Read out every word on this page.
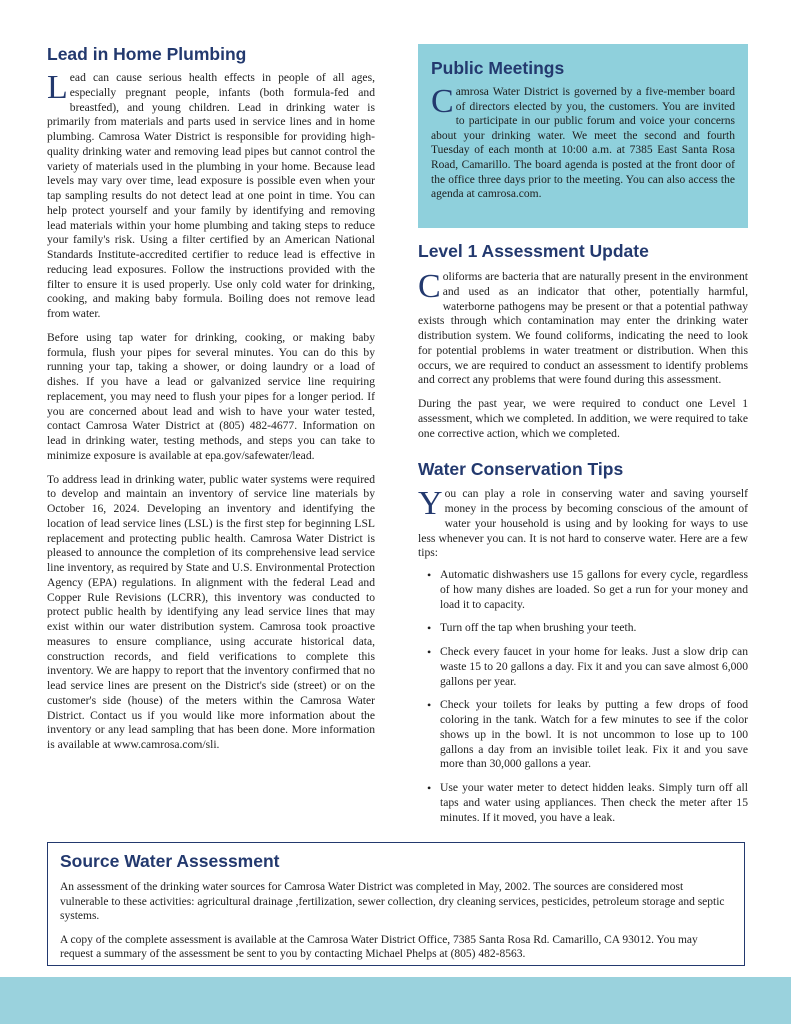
Lead in Home Plumbing

Lead can cause serious health effects in people of all ages, especially pregnant people, infants (both formula-fed and breastfed), and young children. Lead in drinking water is primarily from materials and parts used in service lines and in home plumbing. Camrosa Water District is responsible for providing high-quality drinking water and removing lead pipes but cannot control the variety of materials used in the plumbing in your home. Because lead levels may vary over time, lead exposure is possible even when your tap sampling results do not detect lead at one point in time. You can help protect yourself and your family by identifying and removing lead materials within your home plumbing and taking steps to reduce your family's risk. Using a filter certified by an American National Standards Institute-accredited certifier to reduce lead is effective in reducing lead exposures. Follow the instructions provided with the filter to ensure it is used properly. Use only cold water for drinking, cooking, and making baby formula. Boiling does not remove lead from water.

Before using tap water for drinking, cooking, or making baby formula, flush your pipes for several minutes. You can do this by running your tap, taking a shower, or doing laundry or a load of dishes. If you have a lead or galvanized service line requiring replacement, you may need to flush your pipes for a longer period. If you are concerned about lead and wish to have your water tested, contact Camrosa Water District at (805) 482-4677. Information on lead in drinking water, testing methods, and steps you can take to minimize exposure is available at epa.gov/safewater/lead.

To address lead in drinking water, public water systems were required to develop and maintain an inventory of service line materials by October 16, 2024. Developing an inventory and identifying the location of lead service lines (LSL) is the first step for beginning LSL replacement and protecting public health. Camrosa Water District is pleased to announce the completion of its comprehensive lead service line inventory, as required by State and U.S. Environmental Protection Agency (EPA) regulations. In alignment with the federal Lead and Copper Rule Revisions (LCRR), this inventory was conducted to protect public health by identifying any lead service lines that may exist within our water distribution system. Camrosa took proactive measures to ensure compliance, using accurate historical data, construction records, and field verifications to complete this inventory. We are happy to report that the inventory confirmed that no lead service lines are present on the District's side (street) or on the customer's side (house) of the meters within the Camrosa Water District. Contact us if you would like more information about the inventory or any lead sampling that has been done. More information is available at www.camrosa.com/sli.

Public Meetings

Camrosa Water District is governed by a five-member board of directors elected by you, the customers. You are invited to participate in our public forum and voice your concerns about your drinking water. We meet the second and fourth Tuesday of each month at 10:00 a.m. at 7385 East Santa Rosa Road, Camarillo. The board agenda is posted at the front door of the office three days prior to the meeting. You can also access the agenda at camrosa.com.

Level 1 Assessment Update

Coliforms are bacteria that are naturally present in the environment and used as an indicator that other, potentially harmful, waterborne pathogens may be present or that a potential pathway exists through which contamination may enter the drinking water distribution system. We found coliforms, indicating the need to look for potential problems in water treatment or distribution. When this occurs, we are required to conduct an assessment to identify problems and correct any problems that were found during this assessment.

During the past year, we were required to conduct one Level 1 assessment, which we completed. In addition, we were required to take one corrective action, which we completed.

Water Conservation Tips

You can play a role in conserving water and saving yourself money in the process by becoming conscious of the amount of water your household is using and by looking for ways to use less whenever you can. It is not hard to conserve water. Here are a few tips:

• Automatic dishwashers use 15 gallons for every cycle, regardless of how many dishes are loaded. So get a run for your money and load it to capacity.
• Turn off the tap when brushing your teeth.
• Check every faucet in your home for leaks. Just a slow drip can waste 15 to 20 gallons a day. Fix it and you can save almost 6,000 gallons per year.
• Check your toilets for leaks by putting a few drops of food coloring in the tank. Watch for a few minutes to see if the color shows up in the bowl. It is not uncommon to lose up to 100 gallons a day from an invisible toilet leak. Fix it and you save more than 30,000 gallons a year.
• Use your water meter to detect hidden leaks. Simply turn off all taps and water using appliances. Then check the meter after 15 minutes. If it moved, you have a leak.
Source Water Assessment

An assessment of the drinking water sources for Camrosa Water District was completed in May, 2002. The sources are considered most vulnerable to these activities: agricultural drainage ,fertilization, sewer collection, dry cleaning services, pesticides, petroleum storage and septic systems.

A copy of the complete assessment is available at the Camrosa Water District Office, 7385 Santa Rosa Rd. Camarillo, CA 93012. You may request a summary of the assessment be sent to you by contacting Michael Phelps at (805) 482-8563.
